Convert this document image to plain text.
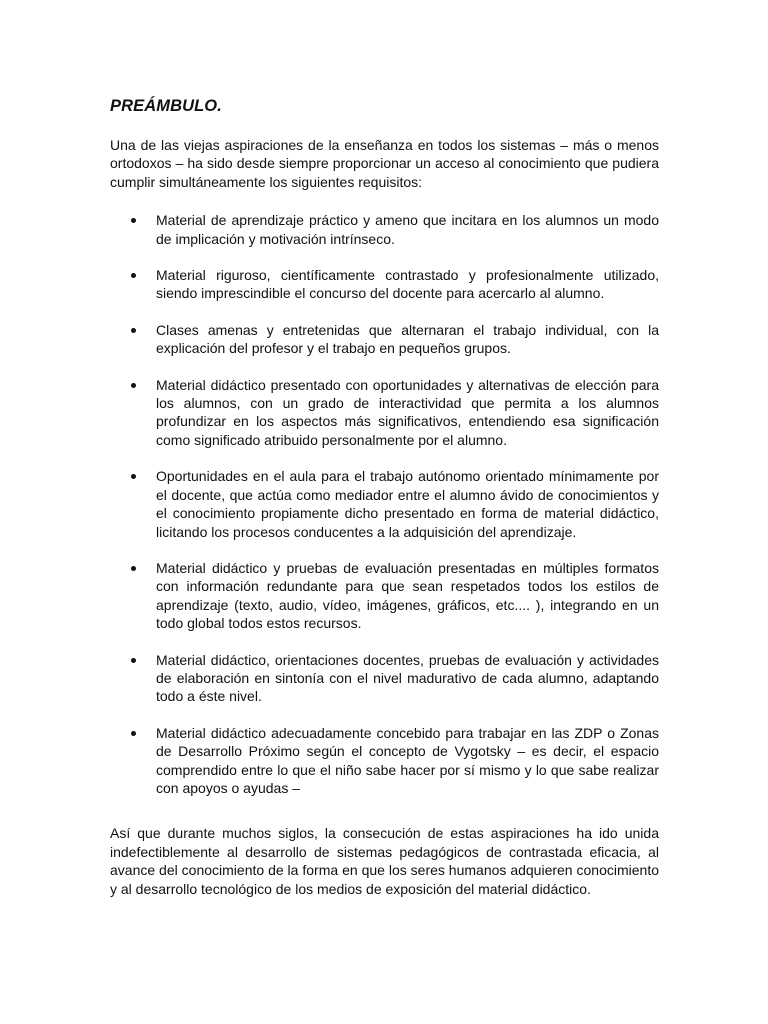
PREÁMBULO.

Una de las viejas aspiraciones de la enseñanza en todos los sistemas – más o menos ortodoxos – ha sido desde siempre proporcionar un acceso al conocimiento que pudiera cumplir simultáneamente los siguientes requisitos:

Material de aprendizaje práctico y ameno que incitara en los alumnos un modo de implicación y motivación intrínseco.
Material riguroso, científicamente contrastado y profesionalmente utilizado, siendo imprescindible el concurso del docente para acercarlo al alumno.
Clases amenas y entretenidas que alternaran el trabajo individual, con la explicación del profesor y el trabajo en pequeños grupos.
Material didáctico presentado con oportunidades y alternativas de elección para los alumnos, con un grado de interactividad que permita a los alumnos profundizar en los aspectos más significativos, entendiendo esa significación como significado atribuido personalmente por el alumno.
Oportunidades en el aula para el trabajo autónomo orientado mínimamente por el docente, que actúa como mediador entre el alumno ávido de conocimientos y el conocimiento propiamente dicho presentado en forma de material didáctico, licitando los procesos conducentes a la adquisición del aprendizaje.
Material didáctico y pruebas de evaluación presentadas en múltiples formatos con información redundante para que sean respetados todos los estilos de aprendizaje (texto, audio, vídeo, imágenes, gráficos, etc.... ), integrando en un todo global todos estos recursos.
Material didáctico, orientaciones docentes, pruebas de evaluación y actividades de elaboración en sintonía con el nivel madurativo de cada alumno, adaptando todo a éste nivel.
Material didáctico adecuadamente concebido para trabajar en las ZDP o Zonas de Desarrollo Próximo según el concepto de Vygotsky – es decir, el espacio comprendido entre lo que el niño sabe hacer por sí mismo y lo que sabe realizar con apoyos o ayudas –

Así que durante muchos siglos, la consecución de estas aspiraciones ha ido unida indefectiblemente al desarrollo de sistemas pedagógicos de contrastada eficacia, al avance del conocimiento de la forma en que los seres humanos adquieren conocimiento y al desarrollo tecnológico de los medios de exposición del material didáctico.
